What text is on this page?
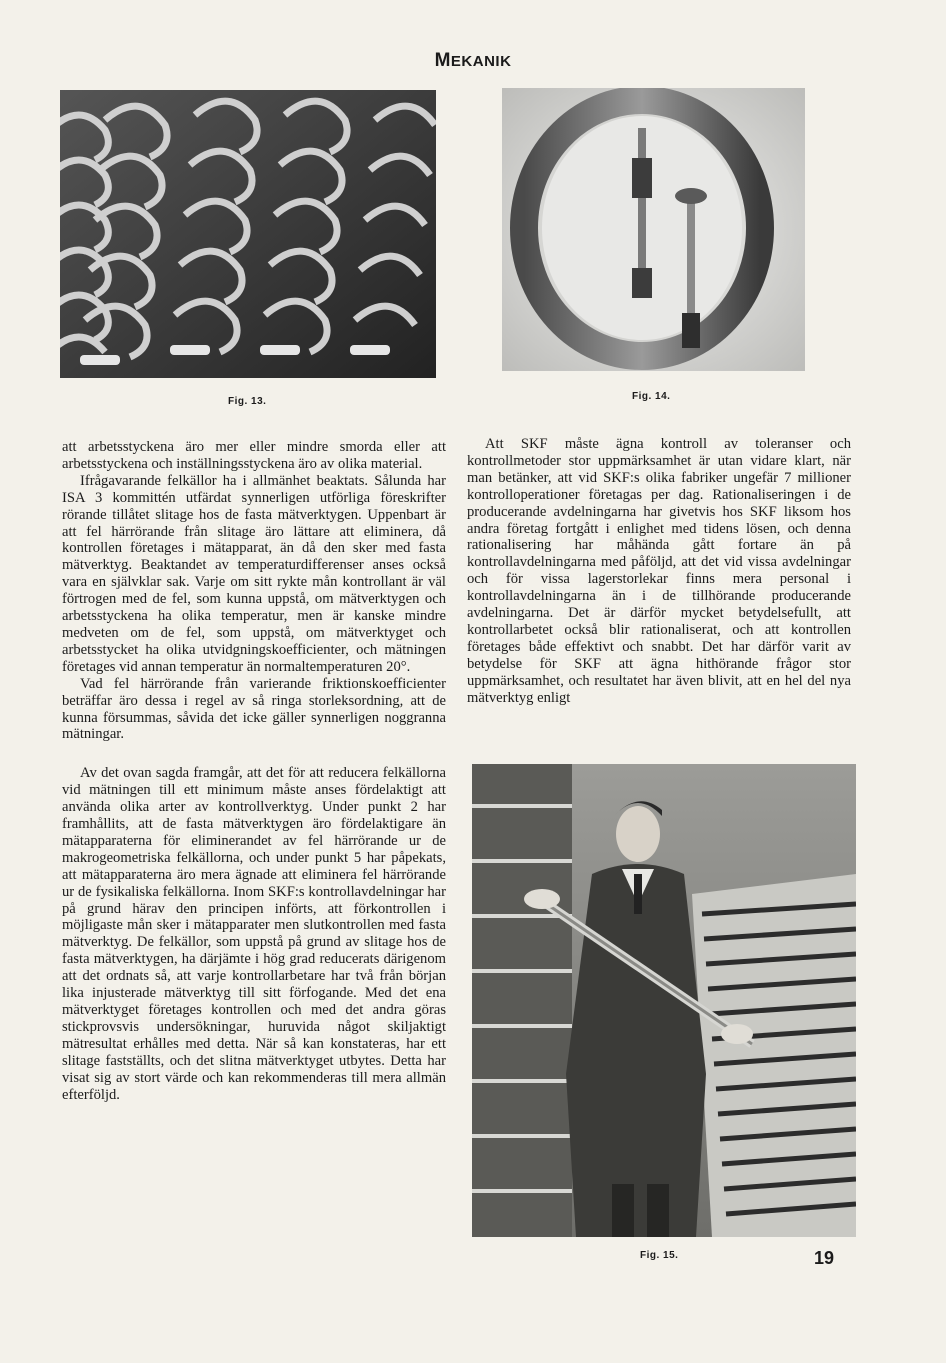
MEKANIK
Fig. 13.	Fig. 14.

att arbetsstyckena äro mer eller mindre smorda eller att arbetsstyckena och inställningsstyckena äro av olika material.

Ifrågavarande felkällor ha i allmänhet beaktats. Sålunda har ISA 3 kommittén utfärdat synnerligen utförliga föreskrifter rörande tillåtet slitage hos de fasta mätverktygen. Uppenbart är att fel härrörande från slitage äro lättare att eliminera, då kontrollen företages i mätapparat, än då den sker med fasta mätverktyg. Beaktandet av temperaturdifferenser anses också vara en självklar sak. Varje om sitt rykte mån kontrollant är väl förtrogen med de fel, som kunna uppstå, om mätverktygen och arbetsstyckena ha olika temperatur, men är kanske mindre medveten om de fel, som uppstå, om mätverktyget och arbetsstycket ha olika utvidgningskoefficienter, och mätningen företages vid annan temperatur än normaltemperaturen 20°.

Vad fel härrörande från varierande friktionskoefficienter beträffar äro dessa i regel av så ringa storleksordning, att de kunna försummas, såvida det icke gäller synnerligen noggranna mätningar.

Av det ovan sagda framgår, att det för att reducera felkällorna vid mätningen till ett minimum måste anses fördelaktigt att använda olika arter av kontrollverktyg. Under punkt 2 har framhållits, att de fasta mätverktygen äro fördelaktigare än mätapparaterna för eliminerandet av fel härrörande ur de makrogeometriska felkällorna, och under punkt 5 har påpekats, att mätapparaterna äro mera ägnade att eliminera fel härrörande ur de fysikaliska felkällorna. Inom SKF:s kontrollavdelningar har på grund härav den principen införts, att förkontrollen i möjligaste mån sker i mätapparater men slutkontrollen med fasta mätverktyg. De felkällor, som uppstå på grund av slitage hos de fasta mätverktygen, ha därjämte i hög grad reducerats därigenom att det ordnats så, att varje kontrollarbetare har två från början lika injusterade mätverktyg till sitt förfogande. Med det ena mätverktyget företages kontrollen och med det andra göras stickprovsvis undersökningar, huruvida något skiljaktigt mätresultat erhålles med detta. När så kan konstateras, har ett slitage fastställts, och det slitna mätverktyget utbytes. Detta har visat sig av stort värde och kan rekommenderas till mera allmän efterföljd.

Att SKF måste ägna kontroll av toleranser och kontrollmetoder stor uppmärksamhet är utan vidare klart, när man betänker, att vid SKF:s olika fabriker ungefär 7 millioner kontrolloperationer företagas per dag. Rationaliseringen i de producerande avdelningarna har givetvis hos SKF liksom hos andra företag fortgått i enlighet med tidens lösen, och denna rationalisering har måhända gått fortare än på kontrollavdelningarna med påföljd, att det vid vissa avdelningar och för vissa lagerstorlekar finns mera personal i kontrollavdelningarna än i de tillhörande producerande avdelningarna. Det är därför mycket betydelsefullt, att kontrollarbetet också blir rationaliserat, och att kontrollen företages både effektivt och snabbt. Det har därför varit av betydelse för SKF att ägna hithörande frågor stor uppmärksamhet, och resultatet har även blivit, att en hel del nya mätverktyg enligt

Fig. 15.	19
